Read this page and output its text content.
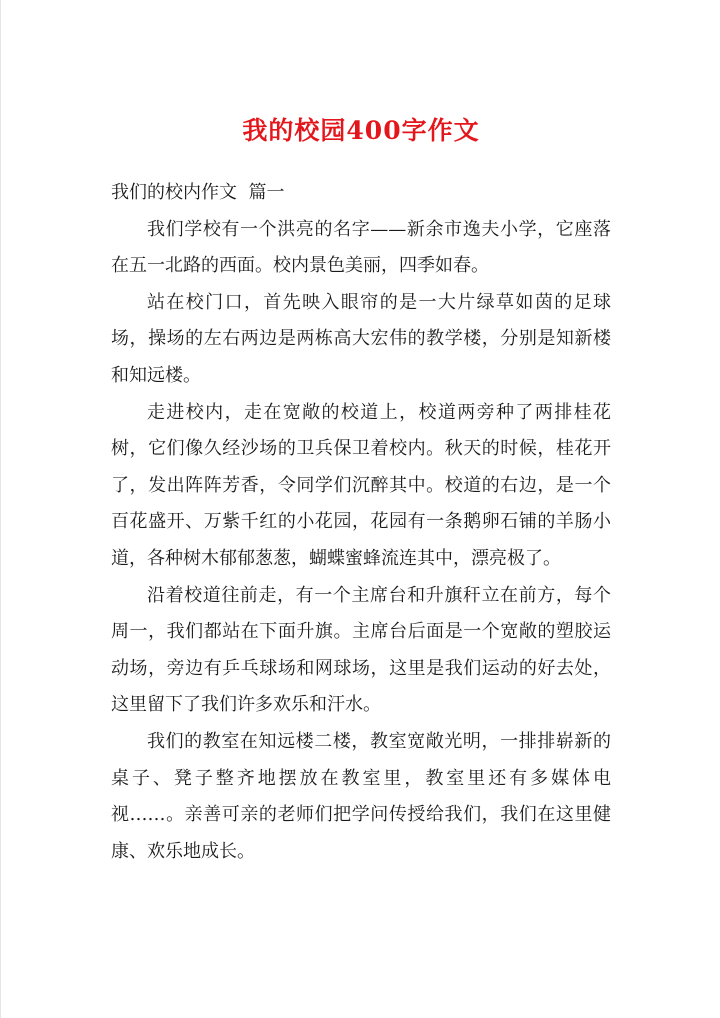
我的校园400字作文

我们的校内作文  篇一

我们学校有一个洪亮的名字——新余市逸夫小学，它座落在五一北路的西面。校内景色美丽，四季如春。

站在校门口，首先映入眼帘的是一大片绿草如茵的足球场，操场的左右两边是两栋高大宏伟的教学楼，分别是知新楼和知远楼。

走进校内，走在宽敞的校道上，校道两旁种了两排桂花树，它们像久经沙场的卫兵保卫着校内。秋天的时候，桂花开了，发出阵阵芳香，令同学们沉醉其中。校道的右边，是一个百花盛开、万紫千红的小花园，花园有一条鹅卵石铺的羊肠小道，各种树木郁郁葱葱，蝴蝶蜜蜂流连其中，漂亮极了。

沿着校道往前走，有一个主席台和升旗秆立在前方，每个周一，我们都站在下面升旗。主席台后面是一个宽敞的塑胶运动场，旁边有乒乓球场和网球场，这里是我们运动的好去处，这里留下了我们许多欢乐和汗水。

我们的教室在知远楼二楼，教室宽敞光明，一排排崭新的桌子、凳子整齐地摆放在教室里，教室里还有多媒体电视……。亲善可亲的老师们把学问传授给我们，我们在这里健康、欢乐地成长。
